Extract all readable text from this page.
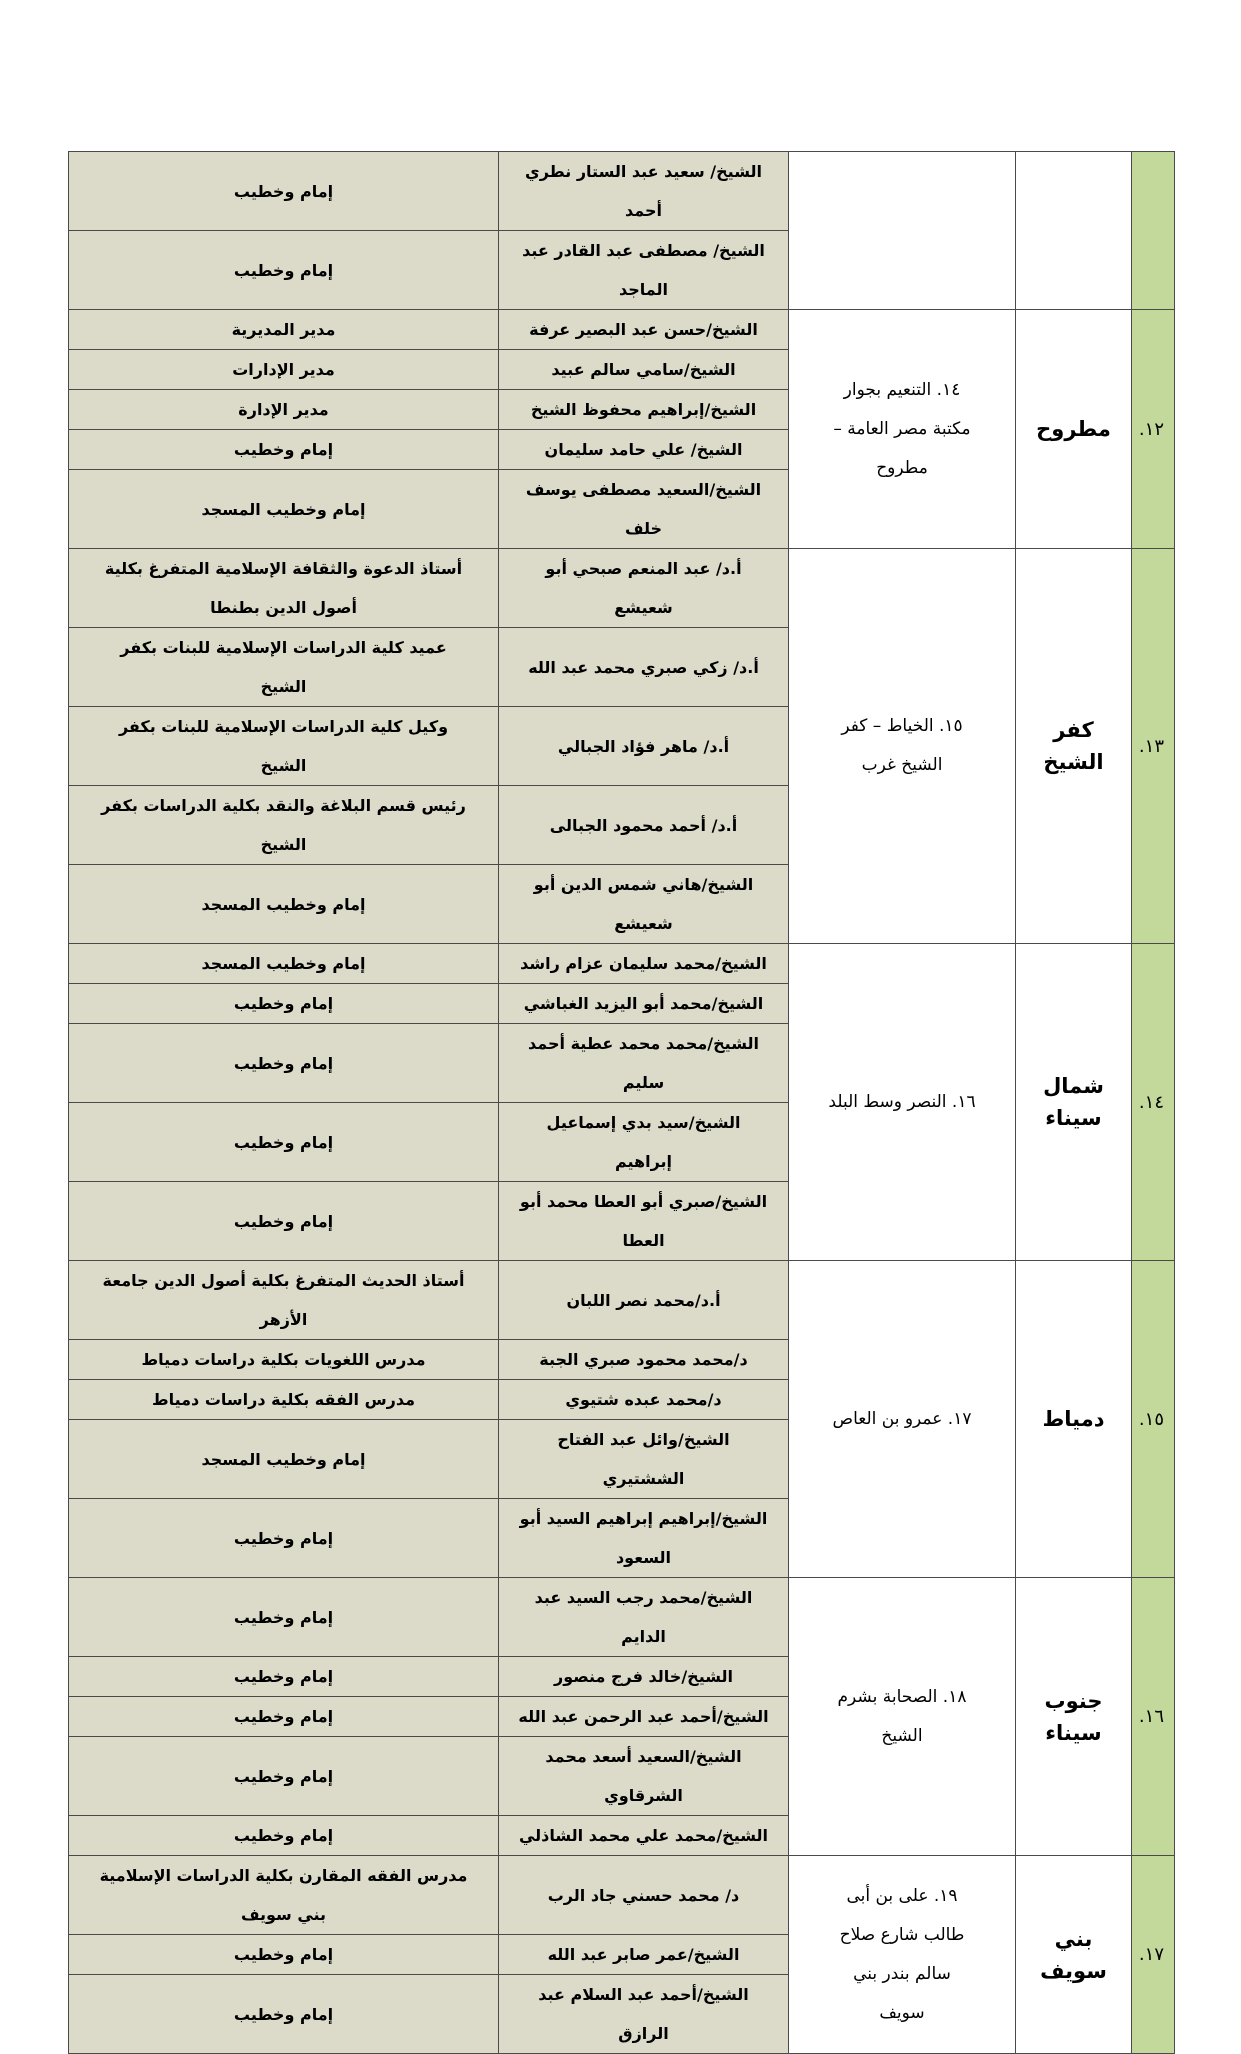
			الشيخ/ سعيد عبد الستار نطري أحمد	إمام وخطيب
			الشيخ/ مصطفى عبد القادر عبد الماجد	إمام وخطيب
١٢.	مطروح	١٤. التنعيم بجوار مكتبة مصر العامة –مطروح	الشيخ/حسن عبد البصير عرفة	مدير المديرية
			الشيخ/سامي سالم عبيد	مدير الإدارات
			الشيخ/إبراهيم محفوظ الشيخ	مدير الإدارة
			الشيخ/ علي حامد سليمان	إمام وخطيب
			الشيخ/السعيد مصطفى يوسف خلف	إمام وخطيب المسجد
١٣.	كفر الشيخ	١٥. الخياط – كفر الشيخ غرب	أ.د/ عبد المنعم صبحي أبو شعيشع	أستاذ الدعوة والثقافة الإسلامية المتفرغ بكلية أصول الدين بطنطا
			أ.د/ زكي صبري محمد عبد الله	عميد كلية الدراسات الإسلامية للبنات بكفر الشيخ
			أ.د/ ماهر فؤاد الجبالي	وكيل كلية الدراسات الإسلامية للبنات بكفر الشيخ
			أ.د/ أحمد محمود الجبالى	رئيس قسم البلاغة والنقد بكلية الدراسات بكفر الشيخ
			الشيخ/هاني شمس الدين أبو شعيشع	إمام وخطيب المسجد
١٤.	شمال سيناء	١٦. النصر وسط البلد	الشيخ/محمد سليمان عزام راشد	إمام وخطيب المسجد
			الشيخ/محمد أبو اليزيد الغباشي	إمام وخطيب
			الشيخ/محمد محمد عطية أحمد سليم	إمام وخطيب
			الشيخ/سيد بدي إسماعيل إبراهيم	إمام وخطيب
			الشيخ/صبري أبو العطا محمد أبو العطا	إمام وخطيب
١٥.	دمياط	١٧. عمرو بن العاص	أ.د/محمد نصر اللبان	أستاذ الحديث المتفرغ بكلية أصول الدين جامعة الأزهر
			د/محمد محمود صبري الجبة	مدرس اللغويات بكلية دراسات دمياط
			د/محمد عبده شتيوي	مدرس الفقه بكلية دراسات دمياط
			الشيخ/وائل عبد الفتاح الششتيري	إمام وخطيب المسجد
			الشيخ/إبراهيم إبراهيم السيد أبو السعود	إمام وخطيب
١٦.	جنوب سيناء	١٨. الصحابة بشرم الشيخ	الشيخ/محمد رجب السيد عبد الدايم	إمام وخطيب
			الشيخ/خالد فرج منصور	إمام وخطيب
			الشيخ/أحمد عبد الرحمن عبد الله	إمام وخطيب
			الشيخ/السعيد أسعد محمد الشرقاوي	إمام وخطيب
			الشيخ/محمد علي محمد الشاذلي	إمام وخطيب
١٧.	بني سويف	١٩. على بن أبى طالب شارع صلاح سالم بندر بني سويف	د/ محمد حسني جاد الرب	مدرس الفقه المقارن بكلية الدراسات الإسلامية بني سويف
			الشيخ/عمر صابر عبد الله	إمام وخطيب
			الشيخ/أحمد عبد السلام عبد الرازق	إمام وخطيب
